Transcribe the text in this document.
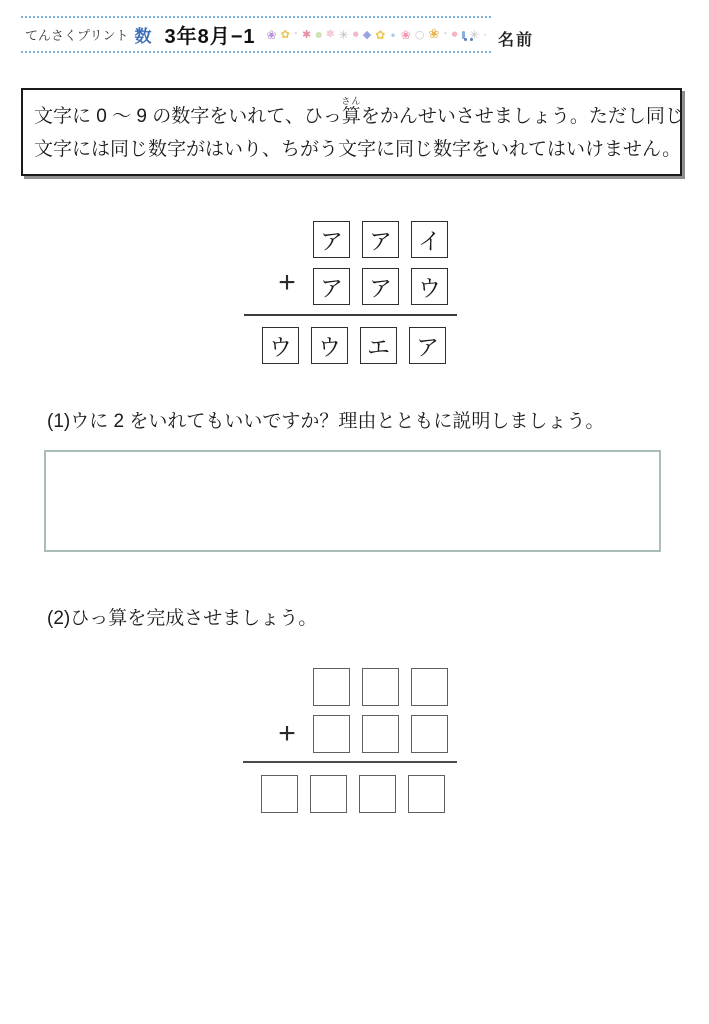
てんさくプリント 数 3年8月−1 ❀ ✿ · ✱ ● ✽ ✳ ● ◆ ✿ ∙ ❀ ○ ❀ · ● ✳ · 名前

文字に 0 ～ 9 の数字をいれて、ひっ算さんをかんせいさせましょう。ただし同じ

文字には同じ数字がはいり、ちがう文字に同じ数字をいれてはいけません。

ア	ア	イ
+	ア	ア	ウ
ウ	ウ	エ	ア
(1)ウに 2 をいれてもいいですか？理由とともに説明しましょう。
(2)ひっ算を完成させましょう。
+
